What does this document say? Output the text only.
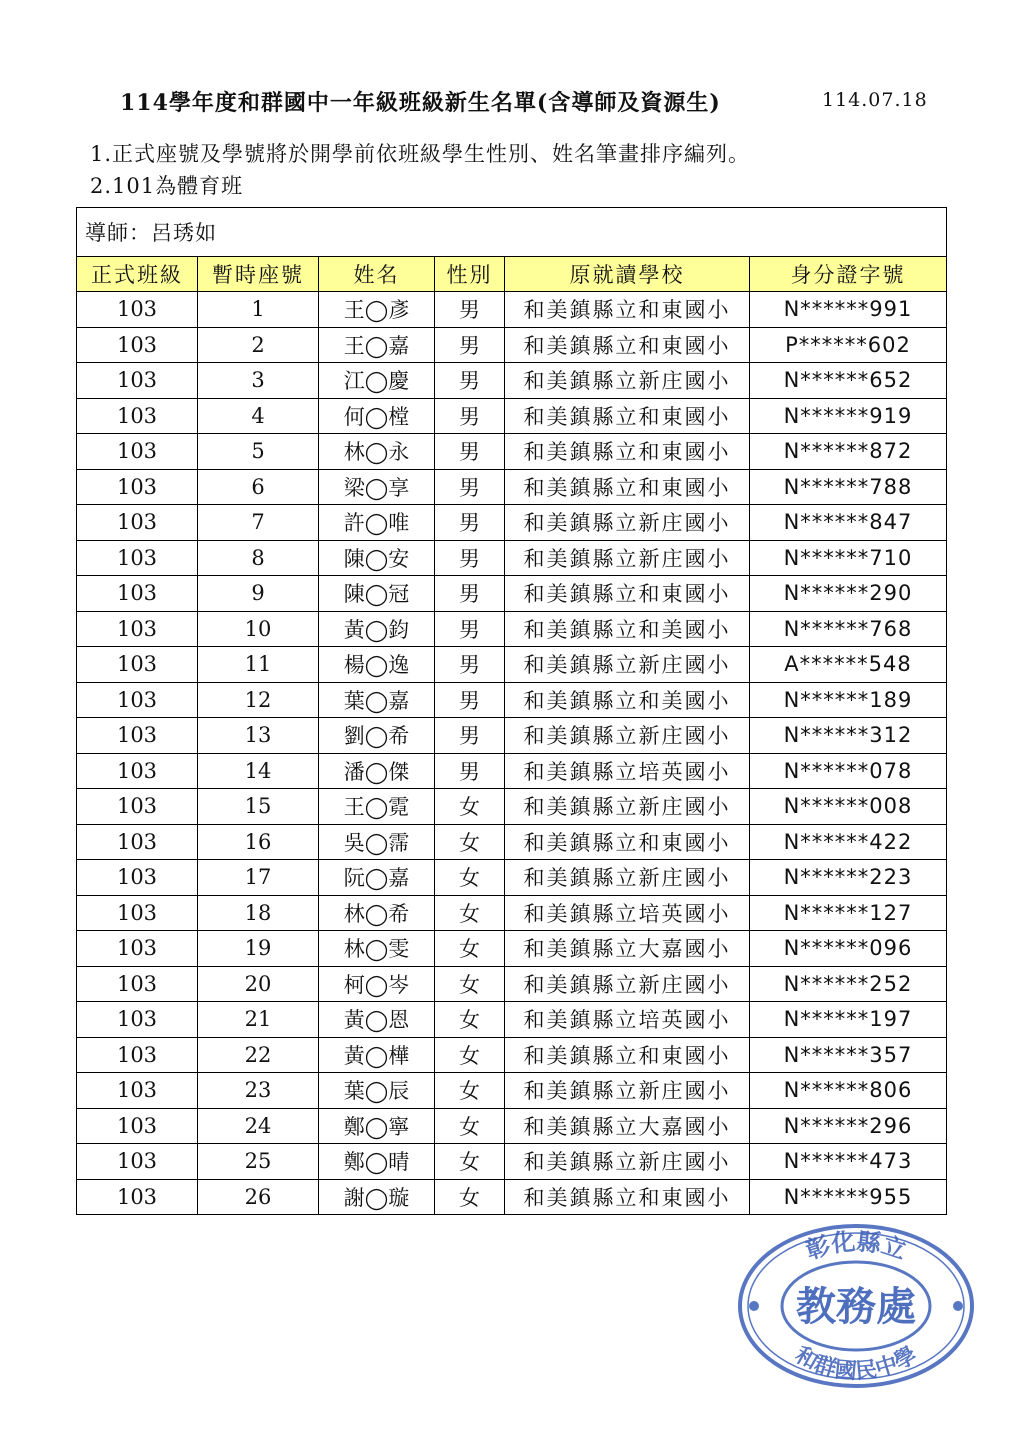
114學年度和群國中一年級班級新生名單(含導師及資源生)	114.07.18
1.正式座號及學號將於開學前依班級學生性別、姓名筆畫排序編列。
2.101為體育班
導師：呂琇如					
正式班級	暫時座號	姓名	性別	原就讀學校	身分證字號
103	1	王◯彥	男	和美鎮縣立和東國小	N******991
103	2	王◯嘉	男	和美鎮縣立和東國小	P******602
103	3	江◯慶	男	和美鎮縣立新庄國小	N******652
103	4	何◯樘	男	和美鎮縣立和東國小	N******919
103	5	林◯永	男	和美鎮縣立和東國小	N******872
103	6	梁◯享	男	和美鎮縣立和東國小	N******788
103	7	許◯唯	男	和美鎮縣立新庄國小	N******847
103	8	陳◯安	男	和美鎮縣立新庄國小	N******710
103	9	陳◯冠	男	和美鎮縣立和東國小	N******290
103	10	黃◯鈞	男	和美鎮縣立和美國小	N******768
103	11	楊◯逸	男	和美鎮縣立新庄國小	A******548
103	12	葉◯嘉	男	和美鎮縣立和美國小	N******189
103	13	劉◯希	男	和美鎮縣立新庄國小	N******312
103	14	潘◯傑	男	和美鎮縣立培英國小	N******078
103	15	王◯霓	女	和美鎮縣立新庄國小	N******008
103	16	吳◯霈	女	和美鎮縣立和東國小	N******422
103	17	阮◯嘉	女	和美鎮縣立新庄國小	N******223
103	18	林◯希	女	和美鎮縣立培英國小	N******127
103	19	林◯雯	女	和美鎮縣立大嘉國小	N******096
103	20	柯◯岑	女	和美鎮縣立新庄國小	N******252
103	21	黃◯恩	女	和美鎮縣立培英國小	N******197
103	22	黃◯樺	女	和美鎮縣立和東國小	N******357
103	23	葉◯辰	女	和美鎮縣立新庄國小	N******806
103	24	鄭◯寧	女	和美鎮縣立大嘉國小	N******296
103	25	鄭◯晴	女	和美鎮縣立新庄國小	N******473
103	26	謝◯璇	女	和美鎮縣立和東國小	N******955
彰化縣立
和群國民中學
教務處
